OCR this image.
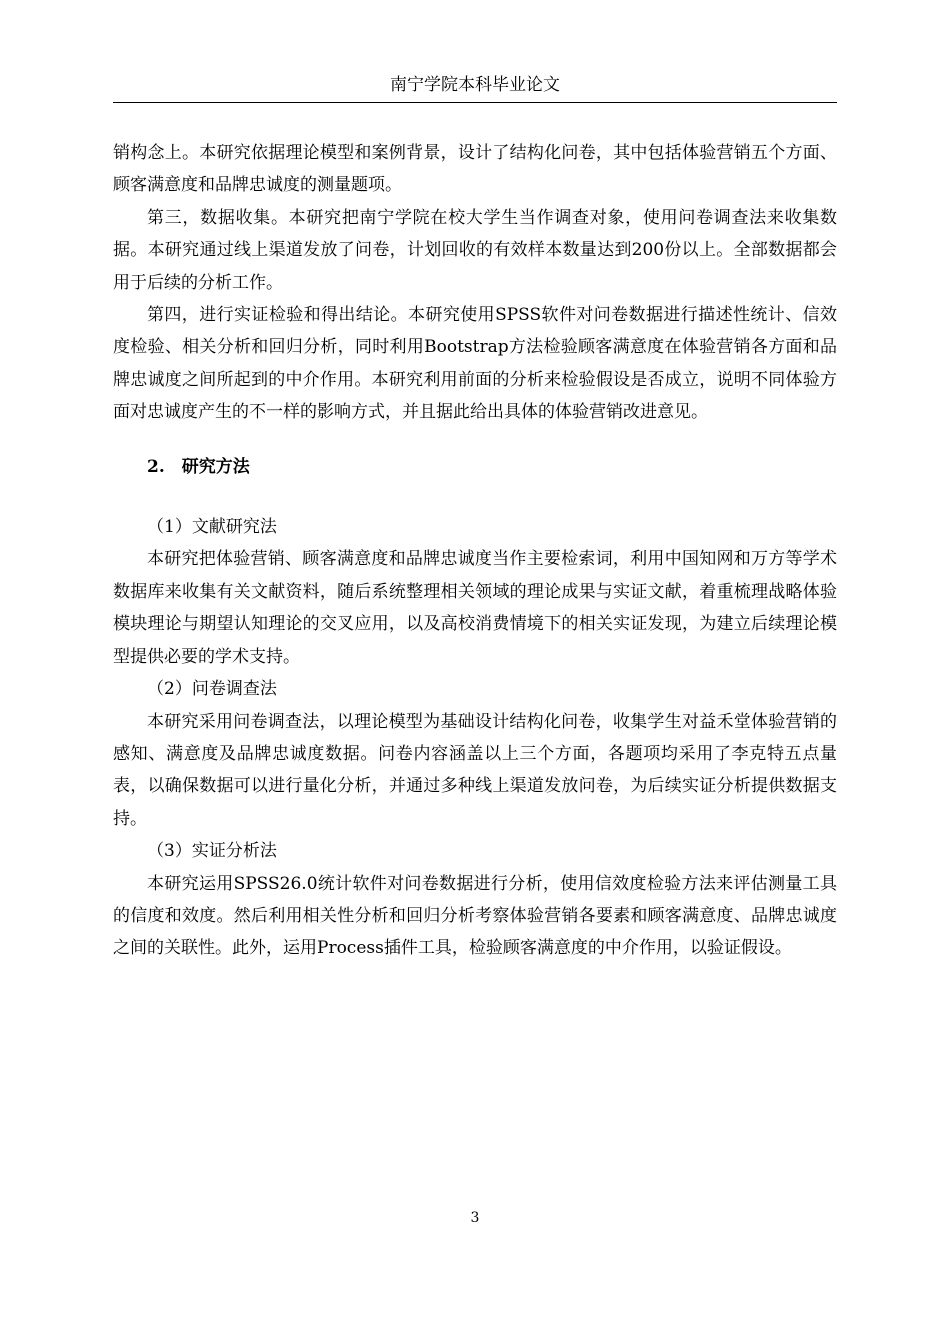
南宁学院本科毕业论文

销构念上。本研究依据理论模型和案例背景，设计了结构化问卷，其中包括体验营销五个方面、顾客满意度和品牌忠诚度的测量题项。

第三，数据收集。本研究把南宁学院在校大学生当作调查对象，使用问卷调查法来收集数据。本研究通过线上渠道发放了问卷，计划回收的有效样本数量达到200份以上。全部数据都会用于后续的分析工作。

第四，进行实证检验和得出结论。本研究使用SPSS软件对问卷数据进行描述性统计、信效度检验、相关分析和回归分析，同时利用Bootstrap方法检验顾客满意度在体验营销各方面和品牌忠诚度之间所起到的中介作用。本研究利用前面的分析来检验假设是否成立，说明不同体验方面对忠诚度产生的不一样的影响方式，并且据此给出具体的体验营销改进意见。

2.　研究方法

（1）文献研究法

本研究把体验营销、顾客满意度和品牌忠诚度当作主要检索词，利用中国知网和万方等学术数据库来收集有关文献资料，随后系统整理相关领域的理论成果与实证文献，着重梳理战略体验模块理论与期望认知理论的交叉应用，以及高校消费情境下的相关实证发现，为建立后续理论模型提供必要的学术支持。

（2）问卷调查法

本研究采用问卷调查法，以理论模型为基础设计结构化问卷，收集学生对益禾堂体验营销的感知、满意度及品牌忠诚度数据。问卷内容涵盖以上三个方面，各题项均采用了李克特五点量表，以确保数据可以进行量化分析，并通过多种线上渠道发放问卷，为后续实证分析提供数据支持。

（3）实证分析法

本研究运用SPSS26.0统计软件对问卷数据进行分析，使用信效度检验方法来评估测量工具的信度和效度。然后利用相关性分析和回归分析考察体验营销各要素和顾客满意度、品牌忠诚度之间的关联性。此外，运用Process插件工具，检验顾客满意度的中介作用，以验证假设。

3
